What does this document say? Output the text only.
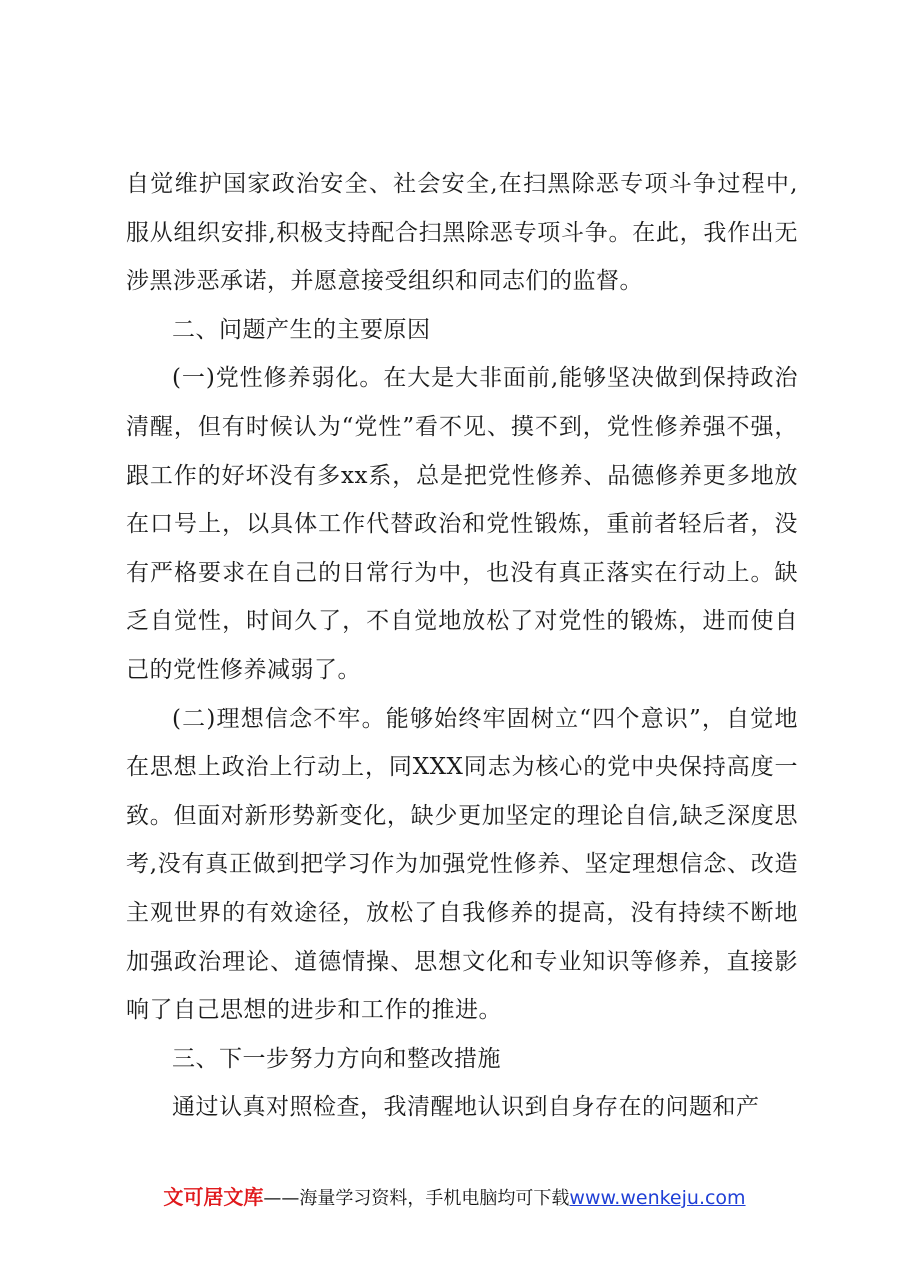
自觉维护国家政治安全、社会安全,在扫黑除恶专项斗争过程中,服从组织安排,积极支持配合扫黑除恶专项斗争。在此，我作出无涉黑涉恶承诺，并愿意接受组织和同志们的监督。

二、问题产生的主要原因

(一)党性修养弱化。在大是大非面前,能够坚决做到保持政治清醒，但有时候认为“党性”看不见、摸不到，党性修养强不强，跟工作的好坏没有多xx系，总是把党性修养、品德修养更多地放在口号上，以具体工作代替政治和党性锻炼，重前者轻后者，没有严格要求在自己的日常行为中，也没有真正落实在行动上。缺乏自觉性，时间久了，不自觉地放松了对党性的锻炼，进而使自己的党性修养减弱了。

(二)理想信念不牢。能够始终牢固树立“四个意识”，自觉地在思想上政治上行动上，同XXX同志为核心的党中央保持高度一致。但面对新形势新变化，缺少更加坚定的理论自信,缺乏深度思考,没有真正做到把学习作为加强党性修养、坚定理想信念、改造主观世界的有效途径，放松了自我修养的提高，没有持续不断地加强政治理论、道德情操、思想文化和专业知识等修养，直接影响了自己思想的进步和工作的推进。

三、下一步努力方向和整改措施

通过认真对照检查，我清醒地认识到自身存在的问题和产

文可居文库——海量学习资料，手机电脑均可下载www.wenkeju.com
